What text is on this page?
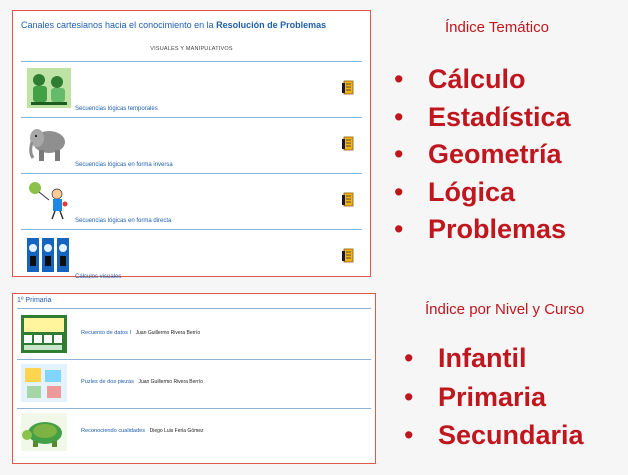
Canales cartesianos hacia el conocimiento en la Resolución de Problemas
VISUALES Y MANIPULATIVOS
Secuencias lógicas temporales
Secuencias lógicas en forma inversa
Secuencias lógicas en forma directa
Cálculos visuales
1º Primaria
Recuento de datos I Juan Guillermo Rivera Berrío
Puzles de dos piezas Juan Guillermo Rivera Berrío
Reconociendo cualidades Diego Luis Feria Gómez
Índice Temático
• Cálculo
• Estadística
• Geometría
• Lógica
• Problemas
Índice por Nivel y Curso
• Infantil
• Primaria
• Secundaria
